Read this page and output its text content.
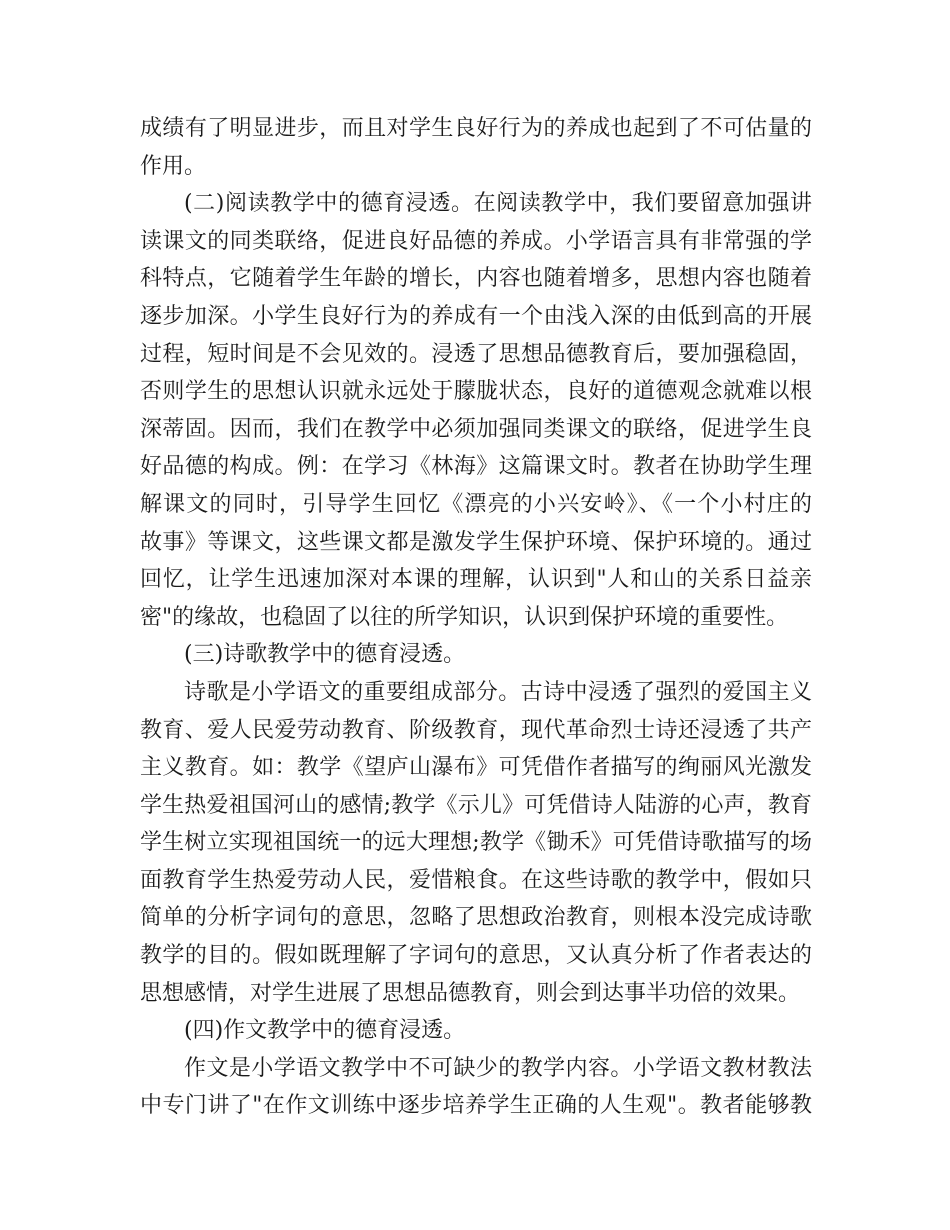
成绩有了明显进步，而且对学生良好行为的养成也起到了不可估量的
作用。
(二)阅读教学中的德育浸透。在阅读教学中，我们要留意加强讲
读课文的同类联络，促进良好品德的养成。小学语言具有非常强的学
科特点，它随着学生年龄的增长，内容也随着增多，思想内容也随着
逐步加深。小学生良好行为的养成有一个由浅入深的由低到高的开展
过程，短时间是不会见效的。浸透了思想品德教育后，要加强稳固，
否则学生的思想认识就永远处于朦胧状态，良好的道德观念就难以根
深蒂固。因而，我们在教学中必须加强同类课文的联络，促进学生良
好品德的构成。例：在学习《林海》这篇课文时。教者在协助学生理
解课文的同时，引导学生回忆《漂亮的小兴安岭》、《一个小村庄的
故事》等课文，这些课文都是激发学生保护环境、保护环境的。通过
回忆，让学生迅速加深对本课的理解，认识到"人和山的关系日益亲
密"的缘故，也稳固了以往的所学知识，认识到保护环境的重要性。
(三)诗歌教学中的德育浸透。
诗歌是小学语文的重要组成部分。古诗中浸透了强烈的爱国主义
教育、爱人民爱劳动教育、阶级教育，现代革命烈士诗还浸透了共产
主义教育。如：教学《望庐山瀑布》可凭借作者描写的绚丽风光激发
学生热爱祖国河山的感情;教学《示儿》可凭借诗人陆游的心声，教育
学生树立实现祖国统一的远大理想;教学《锄禾》可凭借诗歌描写的场
面教育学生热爱劳动人民，爱惜粮食。在这些诗歌的教学中，假如只
简单的分析字词句的意思，忽略了思想政治教育，则根本没完成诗歌
教学的目的。假如既理解了字词句的意思，又认真分析了作者表达的
思想感情，对学生进展了思想品德教育，则会到达事半功倍的效果。
(四)作文教学中的德育浸透。
作文是小学语文教学中不可缺少的教学内容。小学语文教材教法
中专门讲了"在作文训练中逐步培养学生正确的人生观"。教者能够教
